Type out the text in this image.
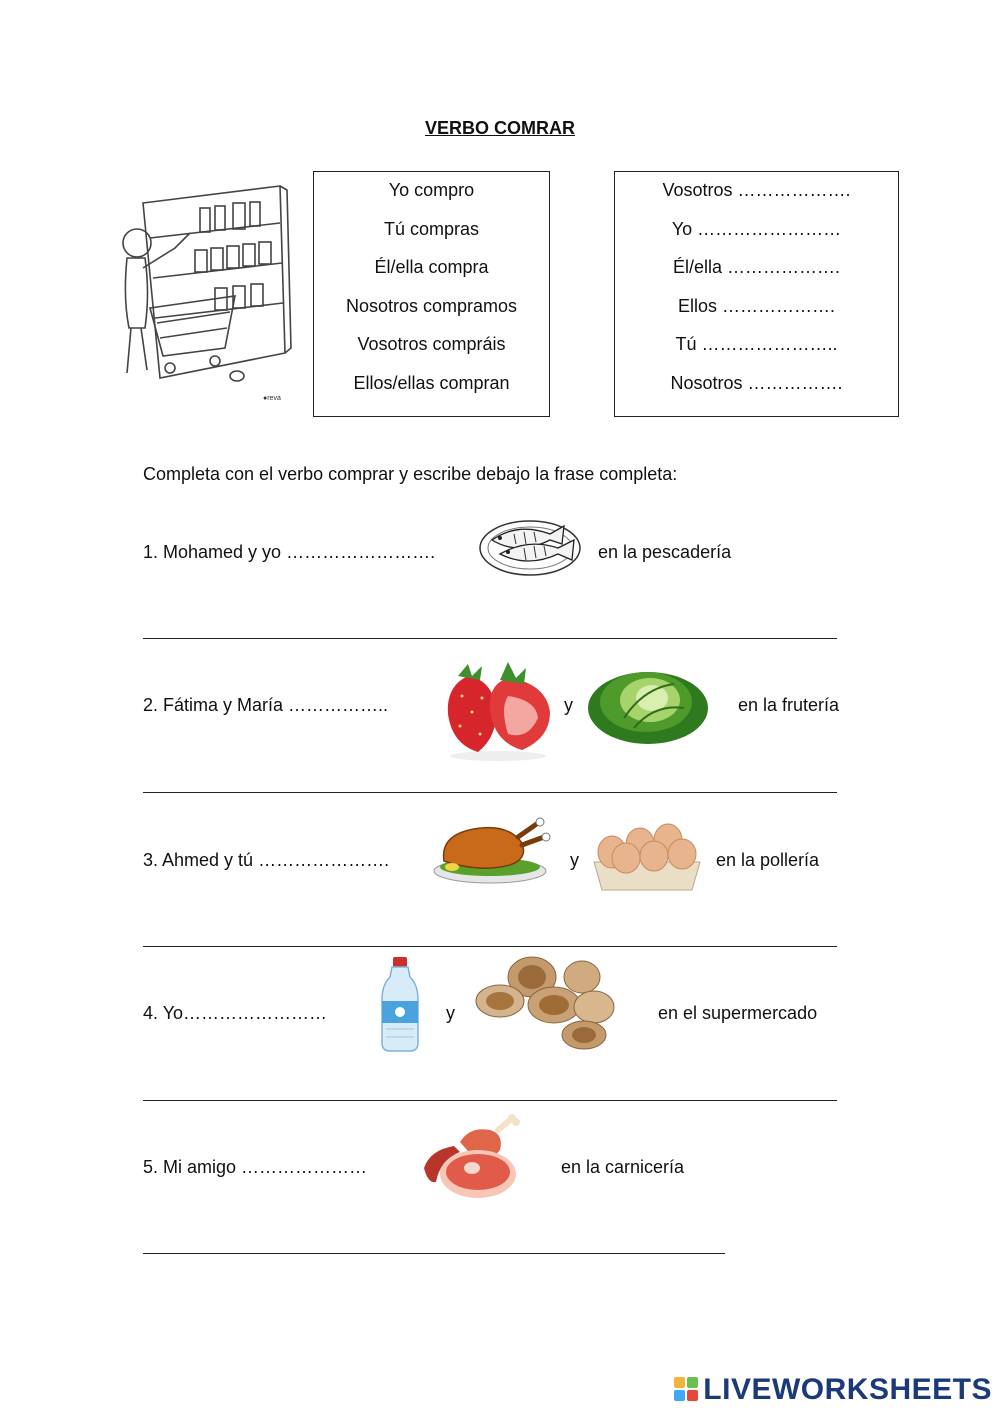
VERBO COMRAR
●reva
Yo compro
Tú compras
Él/ella compra
Nosotros compramos
Vosotros compráis
Ellos/ellas compran
Vosotros ……………….
Yo ……………………
Él/ella ……………….
Ellos ……………….
Tú …………………..
Nosotros …………….
Completa con el verbo comprar y escribe debajo la frase completa:
1. Mohamed y yo …………………….	en la pescadería
2. Fátima y María ……………..	y	en la frutería
3. Ahmed y tú ………………….	y	en la pollería
4. Yo……………………	y	en el supermercado
5. Mi amigo …………………	en la carnicería
LIVEWORKSHEETS
